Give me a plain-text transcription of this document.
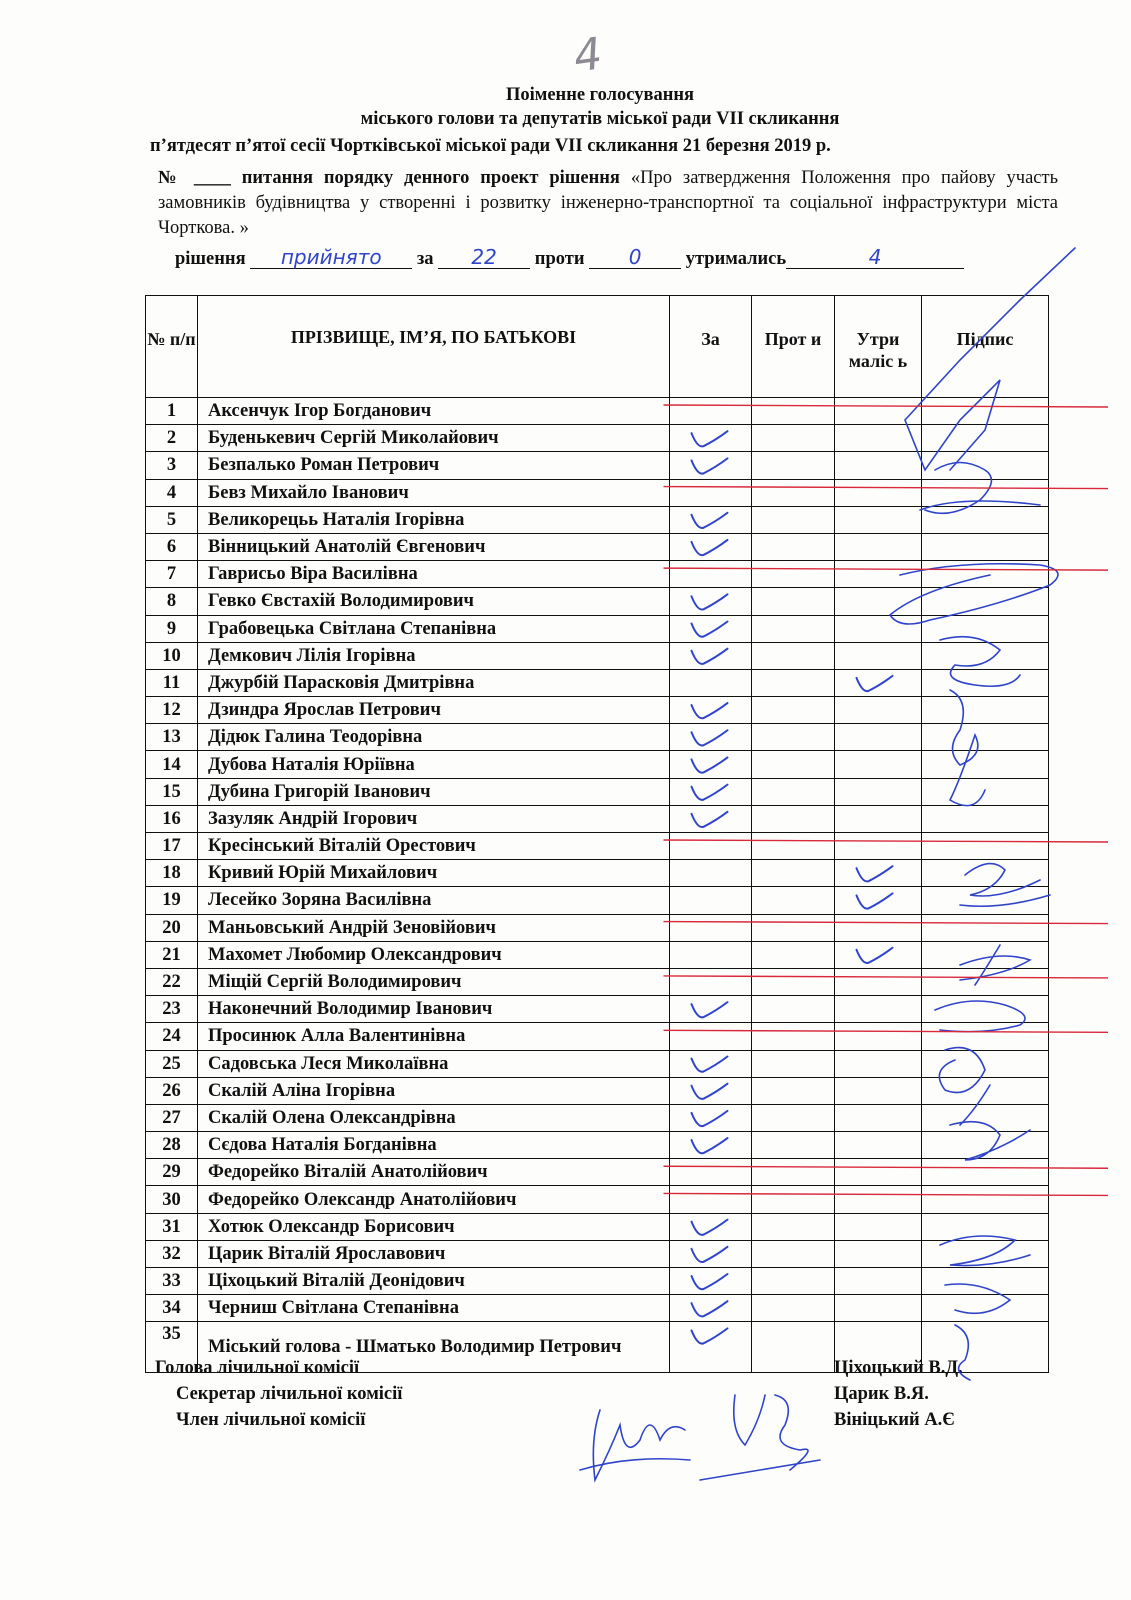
4
Поіменне голосування
міського голови та депутатів міської ради VII скликання
п’ятдесят п’ятої сесії Чортківської міської ради VII скликання 21 березня 2019 р.
№ ____ питання порядку денного проект рішення «Про затвердження Положення про пайову участь замовників будівництва у створенні і розвитку інженерно-транспортної та соціальної інфраструктури міста Чорткова. »
рішення прийнято за 22 проти 0 утримались	4
№ п/п	ПРІЗВИЩЕ, ІМ’Я, ПО БАТЬКОВІ	За	Прот и	Утри маліс ь	Підпис
1	Аксенчук Ігор Богданович				
2	Буденькевич Сергій Миколайович				
3	Безпалько Роман Петрович				
4	Бевз Михайло Іванович				
5	Великорецьь Наталія Ігорівна				
6	Вінницький Анатолій Євгенович				
7	Гаврисьо Віра Василівна				
8	Гевко Євстахій Володимирович				
9	Грабовецька Світлана Степанівна				
10	Демкович Лілія Ігорівна				
11	Джурбій Парасковія Дмитрівна				
12	Дзиндра Ярослав Петрович				
13	Дідюк Галина Теодорівна				
14	Дубова Наталія Юріївна				
15	Дубина Григорій Іванович				
16	Зазуляк Андрій Ігорович				
17	Кресінський Віталій Орестович				
18	Кривий Юрій Михайлович				
19	Лесейко Зоряна Василівна				
20	Маньовський Андрій Зеновійович				
21	Махомет Любомир Олександрович				
22	Міщій Сергій Володимирович				
23	Наконечний Володимир Іванович				
24	Просинюк Алла Валентинівна				
25	Садовська Леся Миколаївна				
26	Скалій Аліна Ігорівна				
27	Скалій Олена Олександрівна				
28	Сєдова Наталія Богданівна				
29	Федорейко Віталій Анатолійович				
30	Федорейко Олександр Анатолійович				
31	Хотюк Олександр Борисович				
32	Царик Віталій Ярославович				
33	Ціхоцький Віталій Деонідович				
34	Черниш Світлана Степанівна				
35	Міський голова - Шматько Володимир Петрович				
Голова лічильної комісії
Секретар лічильної комісії
Член лічильної комісії
Ціхоцький В.Д.
Царик В.Я.
Вініцький А.Є
